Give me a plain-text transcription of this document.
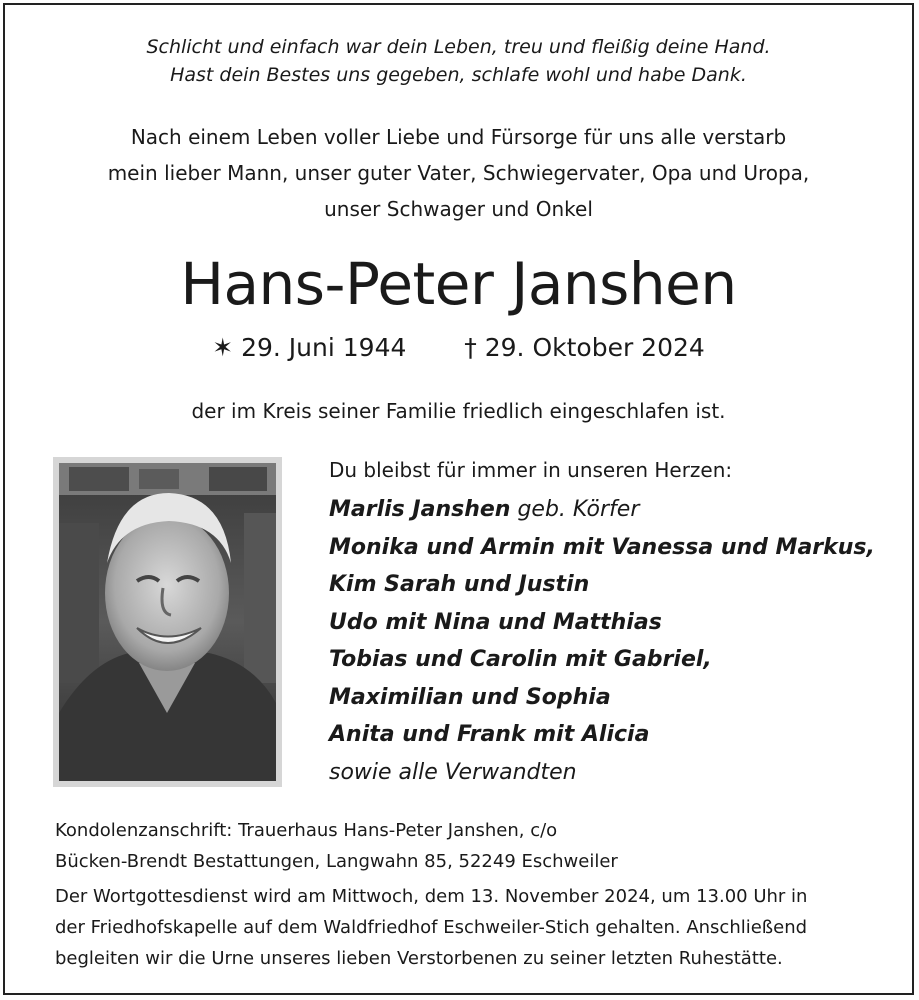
Schlicht und einfach war dein Leben, treu und fleißig deine Hand.
Hast dein Bestes uns gegeben, schlafe wohl und habe Dank.
Nach einem Leben voller Liebe und Fürsorge für uns alle verstarb
mein lieber Mann, unser guter Vater, Schwiegervater, Opa und Uropa,
unser Schwager und Onkel
Hans-Peter Janshen
✶ 29. Juni 1944 † 29. Oktober 2024
der im Kreis seiner Familie friedlich eingeschlafen ist.
Du bleibst für immer in unseren Herzen:
Marlis Janshen geb. Körfer
Monika und Armin mit Vanessa und Markus,
Kim Sarah und Justin
Udo mit Nina und Matthias
Tobias und Carolin mit Gabriel,
Maximilian und Sophia
Anita und Frank mit Alicia
sowie alle Verwandten

Kondolenzanschrift: Trauerhaus Hans-Peter Janshen, c/o

Bücken-Brendt Bestattungen, Langwahn 85, 52249 Eschweiler

Der Wortgottesdienst wird am Mittwoch, dem 13. November 2024, um 13.00 Uhr in

der Friedhofskapelle auf dem Waldfriedhof Eschweiler-Stich gehalten. Anschließend

begleiten wir die Urne unseres lieben Verstorbenen zu seiner letzten Ruhestätte.
